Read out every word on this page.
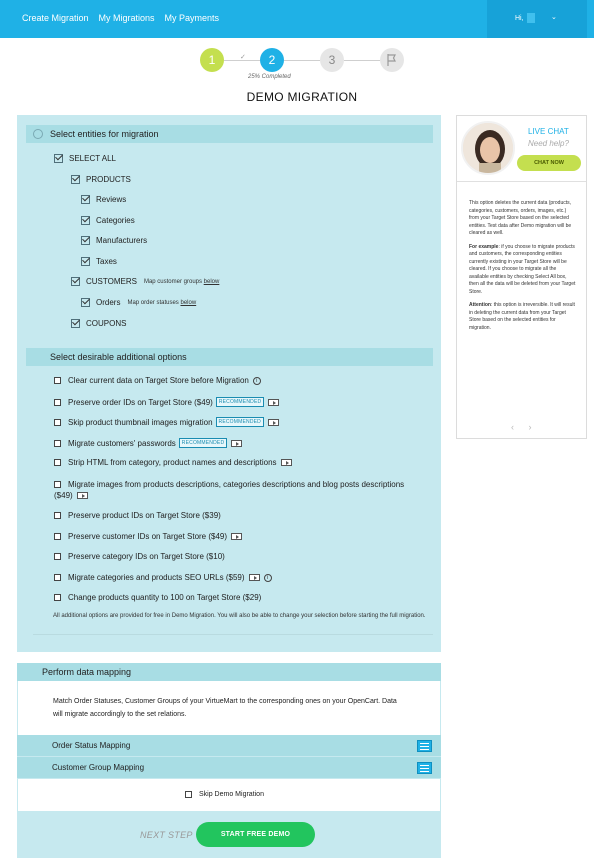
Create Migration My Migrations My Payments	Hi,	⌄
✓
1	2	3
25% Completed
DEMO MIGRATION
Select entities for migration
SELECT ALL
PRODUCTS
Reviews
Categories
Manufacturers
Taxes
CUSTOMERS Map customer groups below
Orders Map order statuses below
COUPONS
Select desirable additional options
Clear current data on Target Store before Migration	i
Preserve order IDs on Target Store ($49)	RECOMMENDED
Skip product thumbnail images migration	RECOMMENDED
Migrate customers' passwords	RECOMMENDED
Strip HTML from category, product names and descriptions
Migrate images from products descriptions, categories descriptions and blog posts descriptions ($49)
Preserve product IDs on Target Store ($39)
Preserve customer IDs on Target Store ($49)
Preserve category IDs on Target Store ($10)
Migrate categories and products SEO URLs ($59)	i
Change products quantity to 100 on Target Store ($29)
All additional options are provided for free in Demo Migration. You will also be able to change your selection before starting the full migration.
Perform data mapping
Match Order Statuses, Customer Groups of your VirtueMart to the corresponding ones on your OpenCart. Data will migrate accordingly to the set relations.
Order Status Mapping
Customer Group Mapping
Skip Demo Migration
NEXT STEP	START FREE DEMO
LIVE CHAT
Need help?
CHAT NOW

This option deletes the current data (products, categories, customers, orders, images, etc.) from your Target Store based on the selected entities. Test data after Demo migration will be cleared as well.

For example: if you choose to migrate products and customers, the corresponding entities currently existing in your Target Store will be cleared. If you choose to migrate all the available entities by checking Select All box, then all the data will be deleted from your Target Store.

Attention: this option is irreversible. It will result in deleting the current data from your Target Store based on the selected entities for migration.

‹ ›
